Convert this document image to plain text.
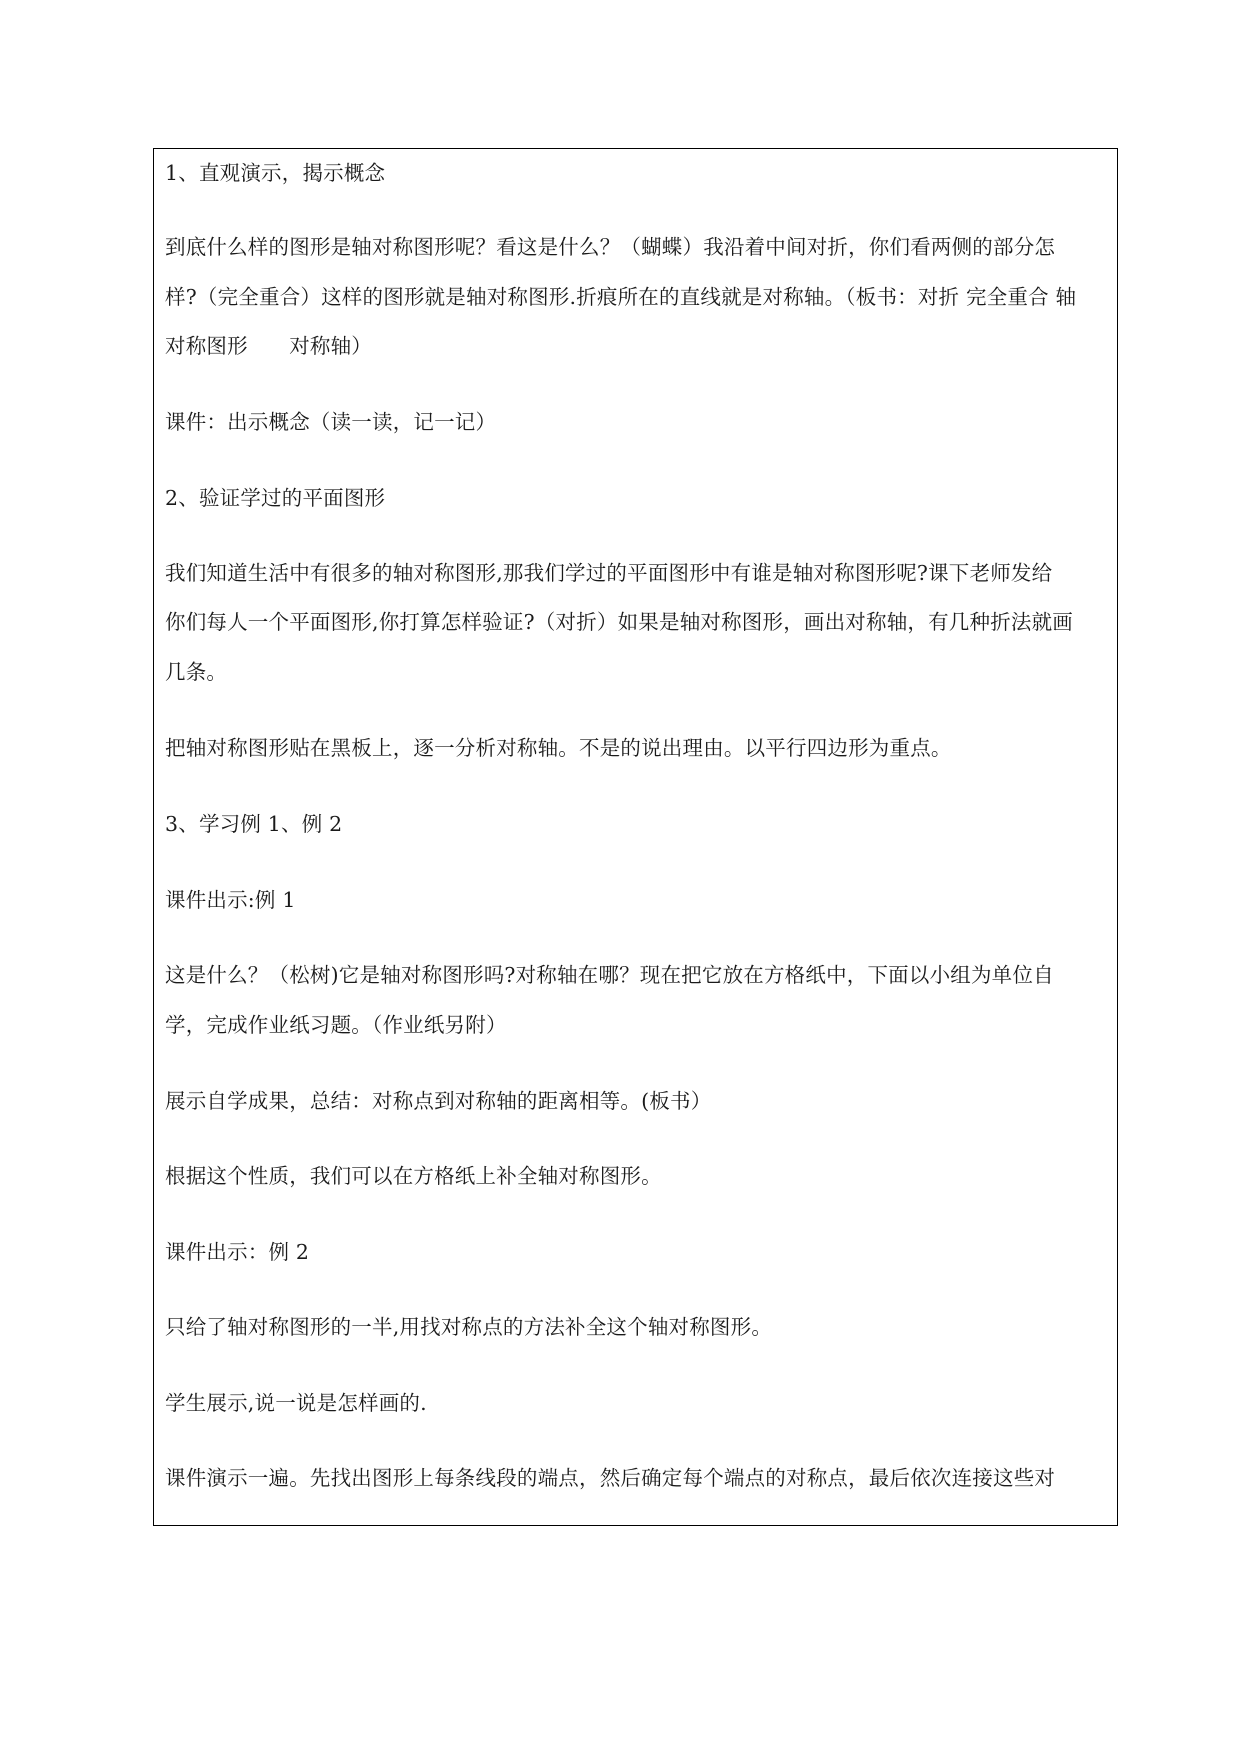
1、直观演示，揭示概念
到底什么样的图形是轴对称图形呢？看这是什么？（蝴蝶）我沿着中间对折，你们看两侧的部分怎
样?（完全重合）这样的图形就是轴对称图形.折痕所在的直线就是对称轴。（板书：对折 完全重合 轴
对称图形　　对称轴）
课件：出示概念（读一读，记一记）
2、验证学过的平面图形
我们知道生活中有很多的轴对称图形,那我们学过的平面图形中有谁是轴对称图形呢?课下老师发给
你们每人一个平面图形,你打算怎样验证?（对折）如果是轴对称图形，画出对称轴，有几种折法就画
几条。
把轴对称图形贴在黑板上，逐一分析对称轴。不是的说出理由。以平行四边形为重点。
3、学习例 1、例 2
课件出示:例 1
这是什么？（松树)它是轴对称图形吗?对称轴在哪？现在把它放在方格纸中，下面以小组为单位自
学，完成作业纸习题。（作业纸另附）
展示自学成果，总结：对称点到对称轴的距离相等。(板书）
根据这个性质，我们可以在方格纸上补全轴对称图形。
课件出示：例 2
只给了轴对称图形的一半,用找对称点的方法补全这个轴对称图形。
学生展示,说一说是怎样画的.
课件演示一遍。先找出图形上每条线段的端点，然后确定每个端点的对称点，最后依次连接这些对
